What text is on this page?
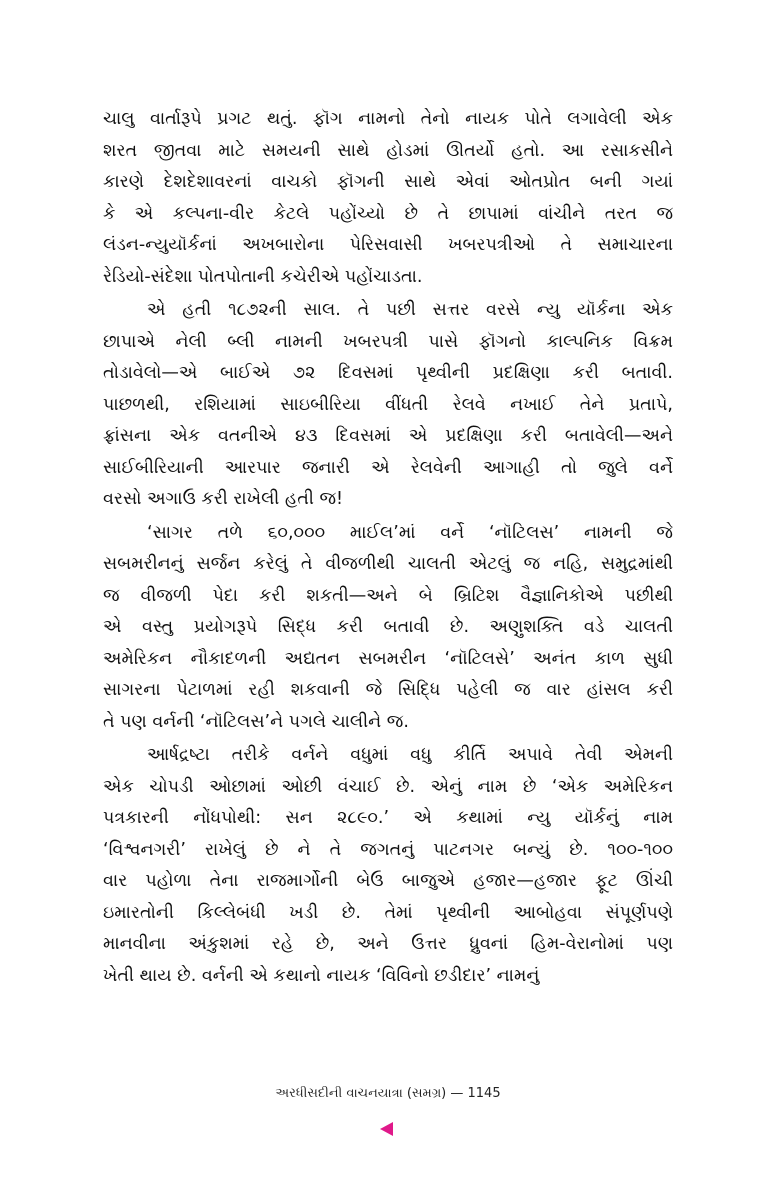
ચાલુ વાર્તારૂપે પ્રગટ થતું. ફૉગ નામનો તેનો નાયક પોતે લગાવેલી એક
શરત જીતવા માટે સમયની સાથે હોડમાં ઊતર્યો હતો. આ રસાકસીને
કારણે દેશદેશાવરનાં વાચકો ફૉગની સાથે એવાં ઓતપ્રોત બની ગયાં
કે એ કલ્પના-વીર કેટલે પહોંચ્યો છે તે છાપામાં વાંચીને તરત જ
લંડન-ન્યુયૉર્કનાં અખબારોના પેરિસવાસી ખબરપત્રીઓ તે સમાચારના
રેડિયો-સંદેશા પોતપોતાની કચેરીએ પહોંચાડતા.
એ હતી ૧૮૭૨ની સાલ. તે પછી સત્તર વરસે ન્યુ યૉર્કના એક
છાપાએ નેલી બ્લી નામની ખબરપત્રી પાસે ફૉગનો કાલ્પનિક વિક્રમ
તોડાવેલો—એ બાઈએ ૭૨ દિવસમાં પૃથ્વીની પ્રદક્ષિણા કરી બતાવી.
પાછળથી, રશિયામાં સાઇબીરિયા વીંધતી રેલવે નખાઈ તેને પ્રતાપે,
ફ્રાંસના એક વતનીએ ૪૩ દિવસમાં એ પ્રદક્ષિણા કરી બતાવેલી—અને
સાઈબીરિયાની આરપાર જનારી એ રેલવેની આગાહી તો જુલે વર્ને
વરસો અગાઉ કરી રાખેલી હતી જ!
‘સાગર તળે ૬૦,૦૦૦ માઈલ’માં વર્ને ‘નૉટિલસ’ નામની જે
સબમરીનનું સર્જન કરેલું તે વીજળીથી ચાલતી એટલું જ નહિ, સમુદ્રમાંથી
જ વીજળી પેદા કરી શકતી—અને બે બ્રિટિશ વૈજ્ઞાનિકોએ પછીથી
એ વસ્તુ પ્રયોગરૂપે સિદ્ધ કરી બતાવી છે. અણુશક્તિ વડે ચાલતી
અમેરિકન નૌકાદળની અદ્યતન સબમરીન ‘નૉટિલસે’ અનંત કાળ સુધી
સાગરના પેટાળમાં રહી શકવાની જે સિદ્ધિ પહેલી જ વાર હાંસલ કરી
તે પણ વર્નની ‘નૉટિલસ’ને પગલે ચાલીને જ.
આર્ષદ્રષ્ટા તરીકે વર્નને વધુમાં વધુ કીર્તિ અપાવે તેવી એમની
એક ચોપડી ઓછામાં ઓછી વંચાઈ છે. એનું નામ છે ‘એક અમેરિકન
પત્રકારની નોંધપોથી: સન ૨૮૯૦.’ એ કથામાં ન્યુ યૉર્કનું નામ
‘વિશ્વનગરી’ રાખેલું છે ને તે જગતનું પાટનગર બન્યું છે. ૧૦૦-૧૦૦
વાર પહોળા તેના રાજમાર્ગોની બેઉ બાજુએ હજાર—હજાર ફૂટ ઊંચી
ઇમારતોની કિલ્લેબંધી ખડી છે. તેમાં પૃથ્વીની આબોહવા સંપૂર્ણપણે
માનવીના અંકુશમાં રહે છે, અને ઉત્તર ધ્રુવનાં હિમ-વેરાનોમાં પણ
ખેતી થાય છે. વર્નની એ કથાનો નાયક ‘વિવિનો છડીદાર’ નામનું
અરધીસદીની વાચનયાત્રા (સમગ્ર) — 1145
